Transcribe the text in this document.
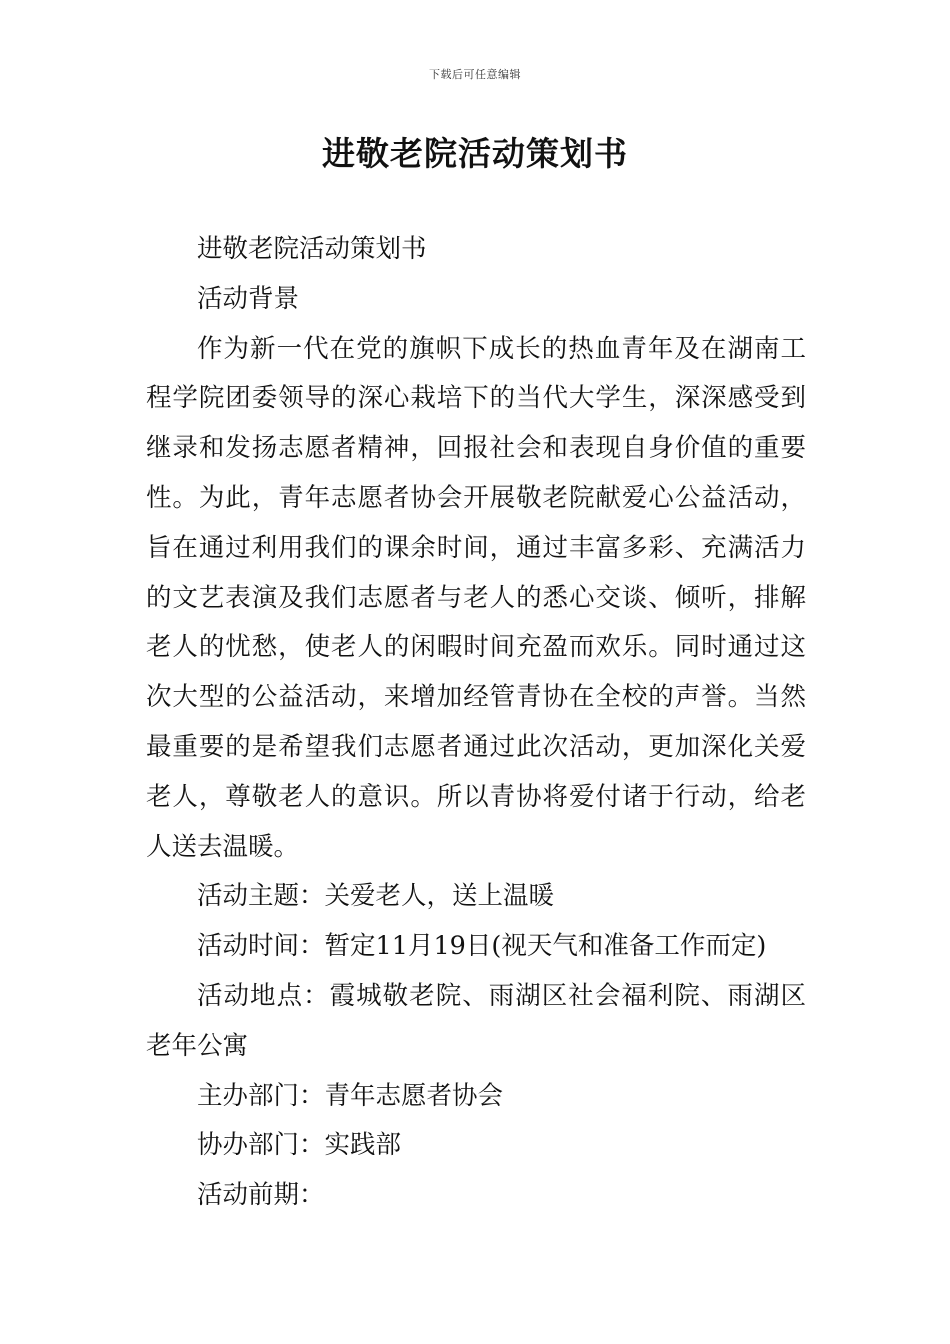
下载后可任意编辑
进敬老院活动策划书

进敬老院活动策划书

活动背景

作为新一代在党的旗帜下成长的热血青年及在湖南工程学院团委领导的深心栽培下的当代大学生，深深感受到继录和发扬志愿者精神，回报社会和表现自身价值的重要性。为此，青年志愿者协会开展敬老院献爱心公益活动，旨在通过利用我们的课余时间，通过丰富多彩、充满活力的文艺表演及我们志愿者与老人的悉心交谈、倾听，排解老人的忧愁，使老人的闲暇时间充盈而欢乐。同时通过这次大型的公益活动，来增加经管青协在全校的声誉。当然最重要的是希望我们志愿者通过此次活动，更加深化关爱老人，尊敬老人的意识。所以青协将爱付诸于行动，给老人送去温暖。

活动主题：关爱老人，送上温暖

活动时间：暂定11月19日(视天气和准备工作而定)

活动地点：霞城敬老院、雨湖区社会福利院、雨湖区老年公寓

主办部门：青年志愿者协会

协办部门：实践部

活动前期：
